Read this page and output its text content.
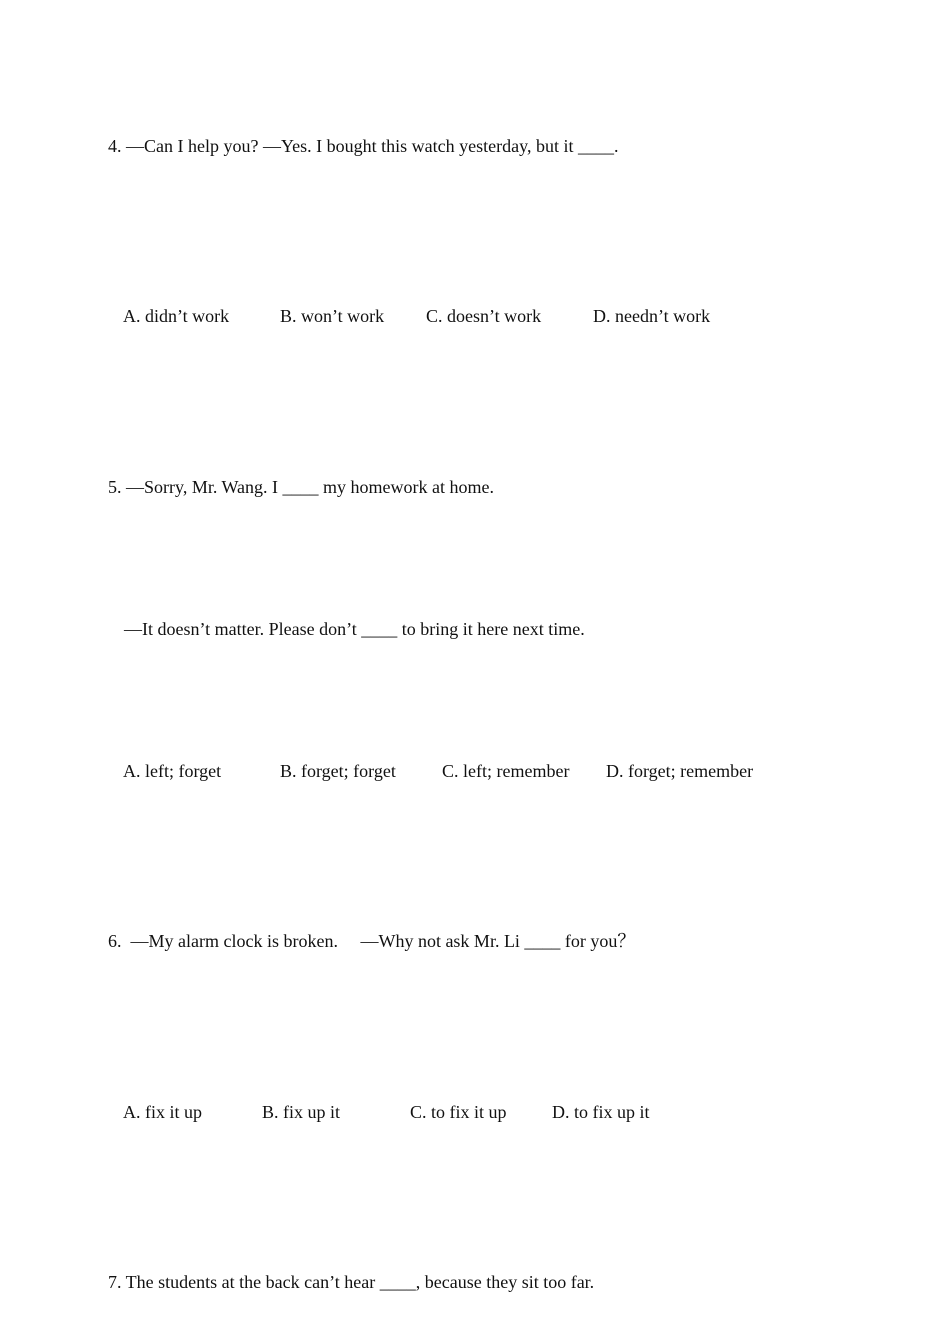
4. —Can I help you? —Yes. I bought this watch yesterday, but it ____.
A. didn’t work	B. won’t work C. doesn’t work	D. needn’t work
5. —Sorry, Mr. Wang. I ____ my homework at home.
—It doesn’t matter. Please don’t ____ to bring it here next time.
A. left; forget	B. forget; forget	C. left; remember D. forget; remember
6.  —My alarm clock is broken.     —Why not ask Mr. Li ____ for you？
A. fix it up	B. fix up it	C. to fix it up	D. to fix up it
7. The students at the back can’t hear ____, because they sit too far.
